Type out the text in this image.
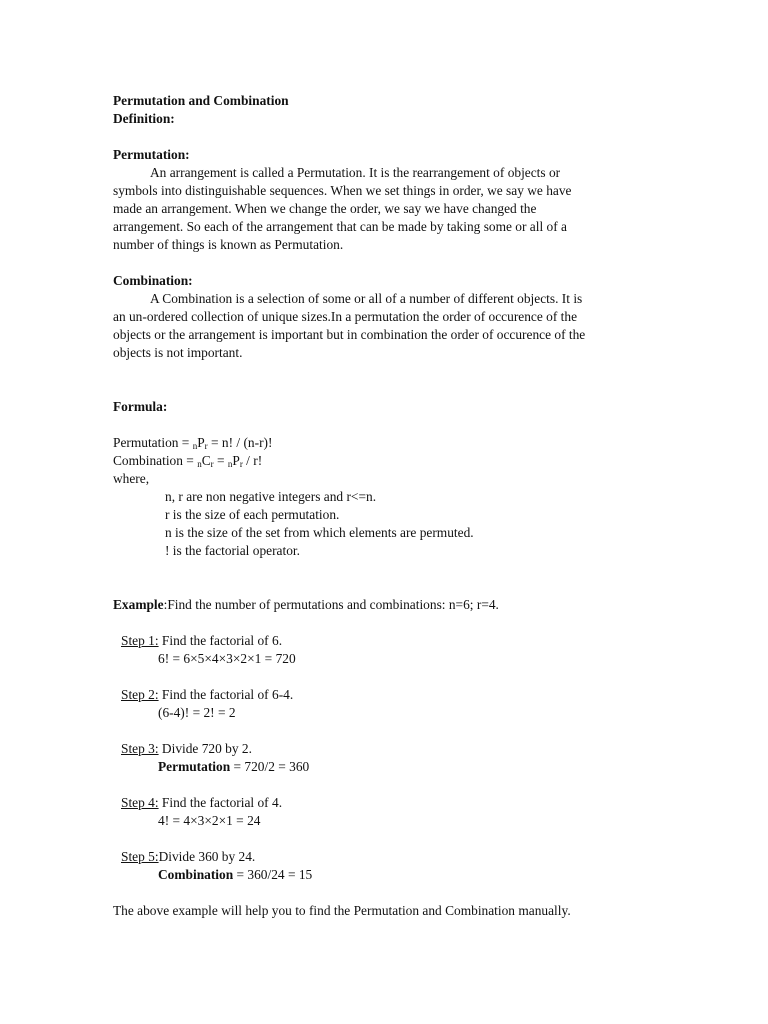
Permutation and Combination
Definition:
Permutation:
An arrangement is called a Permutation. It is the rearrangement of objects or
symbols into distinguishable sequences. When we set things in order, we say we have
made an arrangement. When we change the order, we say we have changed the
arrangement. So each of the arrangement that can be made by taking some or all of a
number of things is known as Permutation.
Combination:
A Combination is a selection of some or all of a number of different objects. It is
an un-ordered collection of unique sizes.In a permutation the order of occurence of the
objects or the arrangement is important but in combination the order of occurence of the
objects is not important.
Formula:
Permutation = $_nP_r = n$! / (n-r)!
Combination = $_nC_r = _nP_r / r$!
where,
n, r are non negative integers and r<=n.
r is the size of each permutation.
n is the size of the set from which elements are permuted.
! is the factorial operator.
Example:Find the number of permutations and combinations: n=6; r=4.
Step 1: Find the factorial of 6.
6! = 6×5×4×3×2×1 = 720
Step 2: Find the factorial of 6-4.
(6-4)! = 2! = 2
Step 3: Divide 720 by 2.
Permutation = 720/2 = 360
Step 4: Find the factorial of 4.
4! = 4×3×2×1 = 24
Step 5:Divide 360 by 24.
Combination = 360/24 = 15
The above example will help you to find the Permutation and Combination manually.
